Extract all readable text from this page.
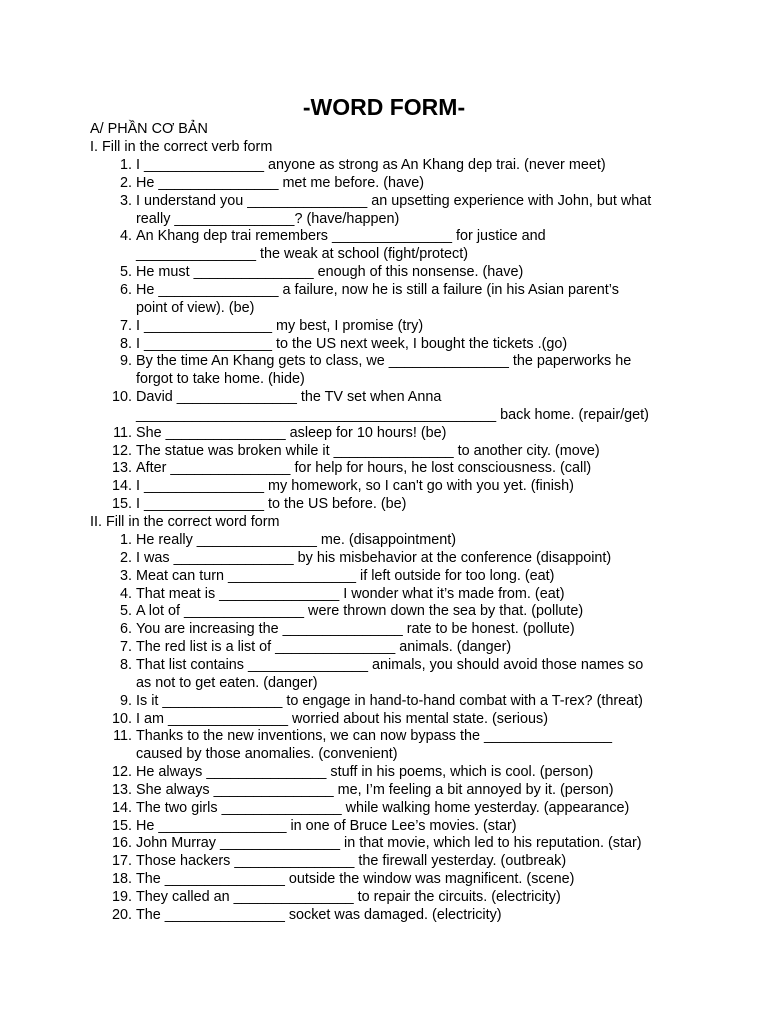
-WORD FORM-
A/ PHẦN CƠ BẢN
I. Fill in the correct verb form
1. I _______________ anyone as strong as An Khang dep trai. (never meet)
2. He _______________ met me before. (have)
3. I understand you _______________ an upsetting experience with John, but what
really _______________? (have/happen)
4. An Khang dep trai remembers _______________ for justice and
_______________ the weak at school (fight/protect)
5. He must _______________ enough of this nonsense. (have)
6. He _______________ a failure, now he is still a failure (in his Asian parent’s
point of view). (be)
7. I ________________ my best, I promise (try)
8. I ________________ to the US next week, I bought the tickets .(go)
9. By the time An Khang gets to class, we _______________ the paperworks he
forgot to take home. (hide)
10. David _______________ the TV set when Anna
_____________________________________________ back home. (repair/get)
11. She _______________ asleep for 10 hours! (be)
12. The statue was broken while it _______________ to another city. (move)
13. After _______________ for help for hours, he lost consciousness. (call)
14. I _______________ my homework, so I can't go with you yet. (finish)
15. I _______________ to the US before. (be)
II. Fill in the correct word form
1. He really _______________ me. (disappointment)
2. I was _______________ by his misbehavior at the conference (disappoint)
3. Meat can turn ________________ if left outside for too long. (eat)
4. That meat is _______________ I wonder what it’s made from. (eat)
5. A lot of _______________ were thrown down the sea by that. (pollute)
6. You are increasing the _______________ rate to be honest. (pollute)
7. The red list is a list of _______________ animals. (danger)
8. That list contains _______________ animals, you should avoid those names so
as not to get eaten. (danger)
9. Is it _______________ to engage in hand-to-hand combat with a T-rex? (threat)
10. I am _______________ worried about his mental state. (serious)
11. Thanks to the new inventions, we can now bypass the ________________
caused by those anomalies. (convenient)
12. He always _______________ stuff in his poems, which is cool. (person)
13. She always _______________ me, I’m feeling a bit annoyed by it. (person)
14. The two girls _______________ while walking home yesterday. (appearance)
15. He ________________ in one of Bruce Lee’s movies. (star)
16. John Murray _______________ in that movie, which led to his reputation. (star)
17. Those hackers _______________ the firewall yesterday. (outbreak)
18. The _______________ outside the window was magnificent. (scene)
19. They called an _______________ to repair the circuits. (electricity)
20. The _______________ socket was damaged. (electricity)
